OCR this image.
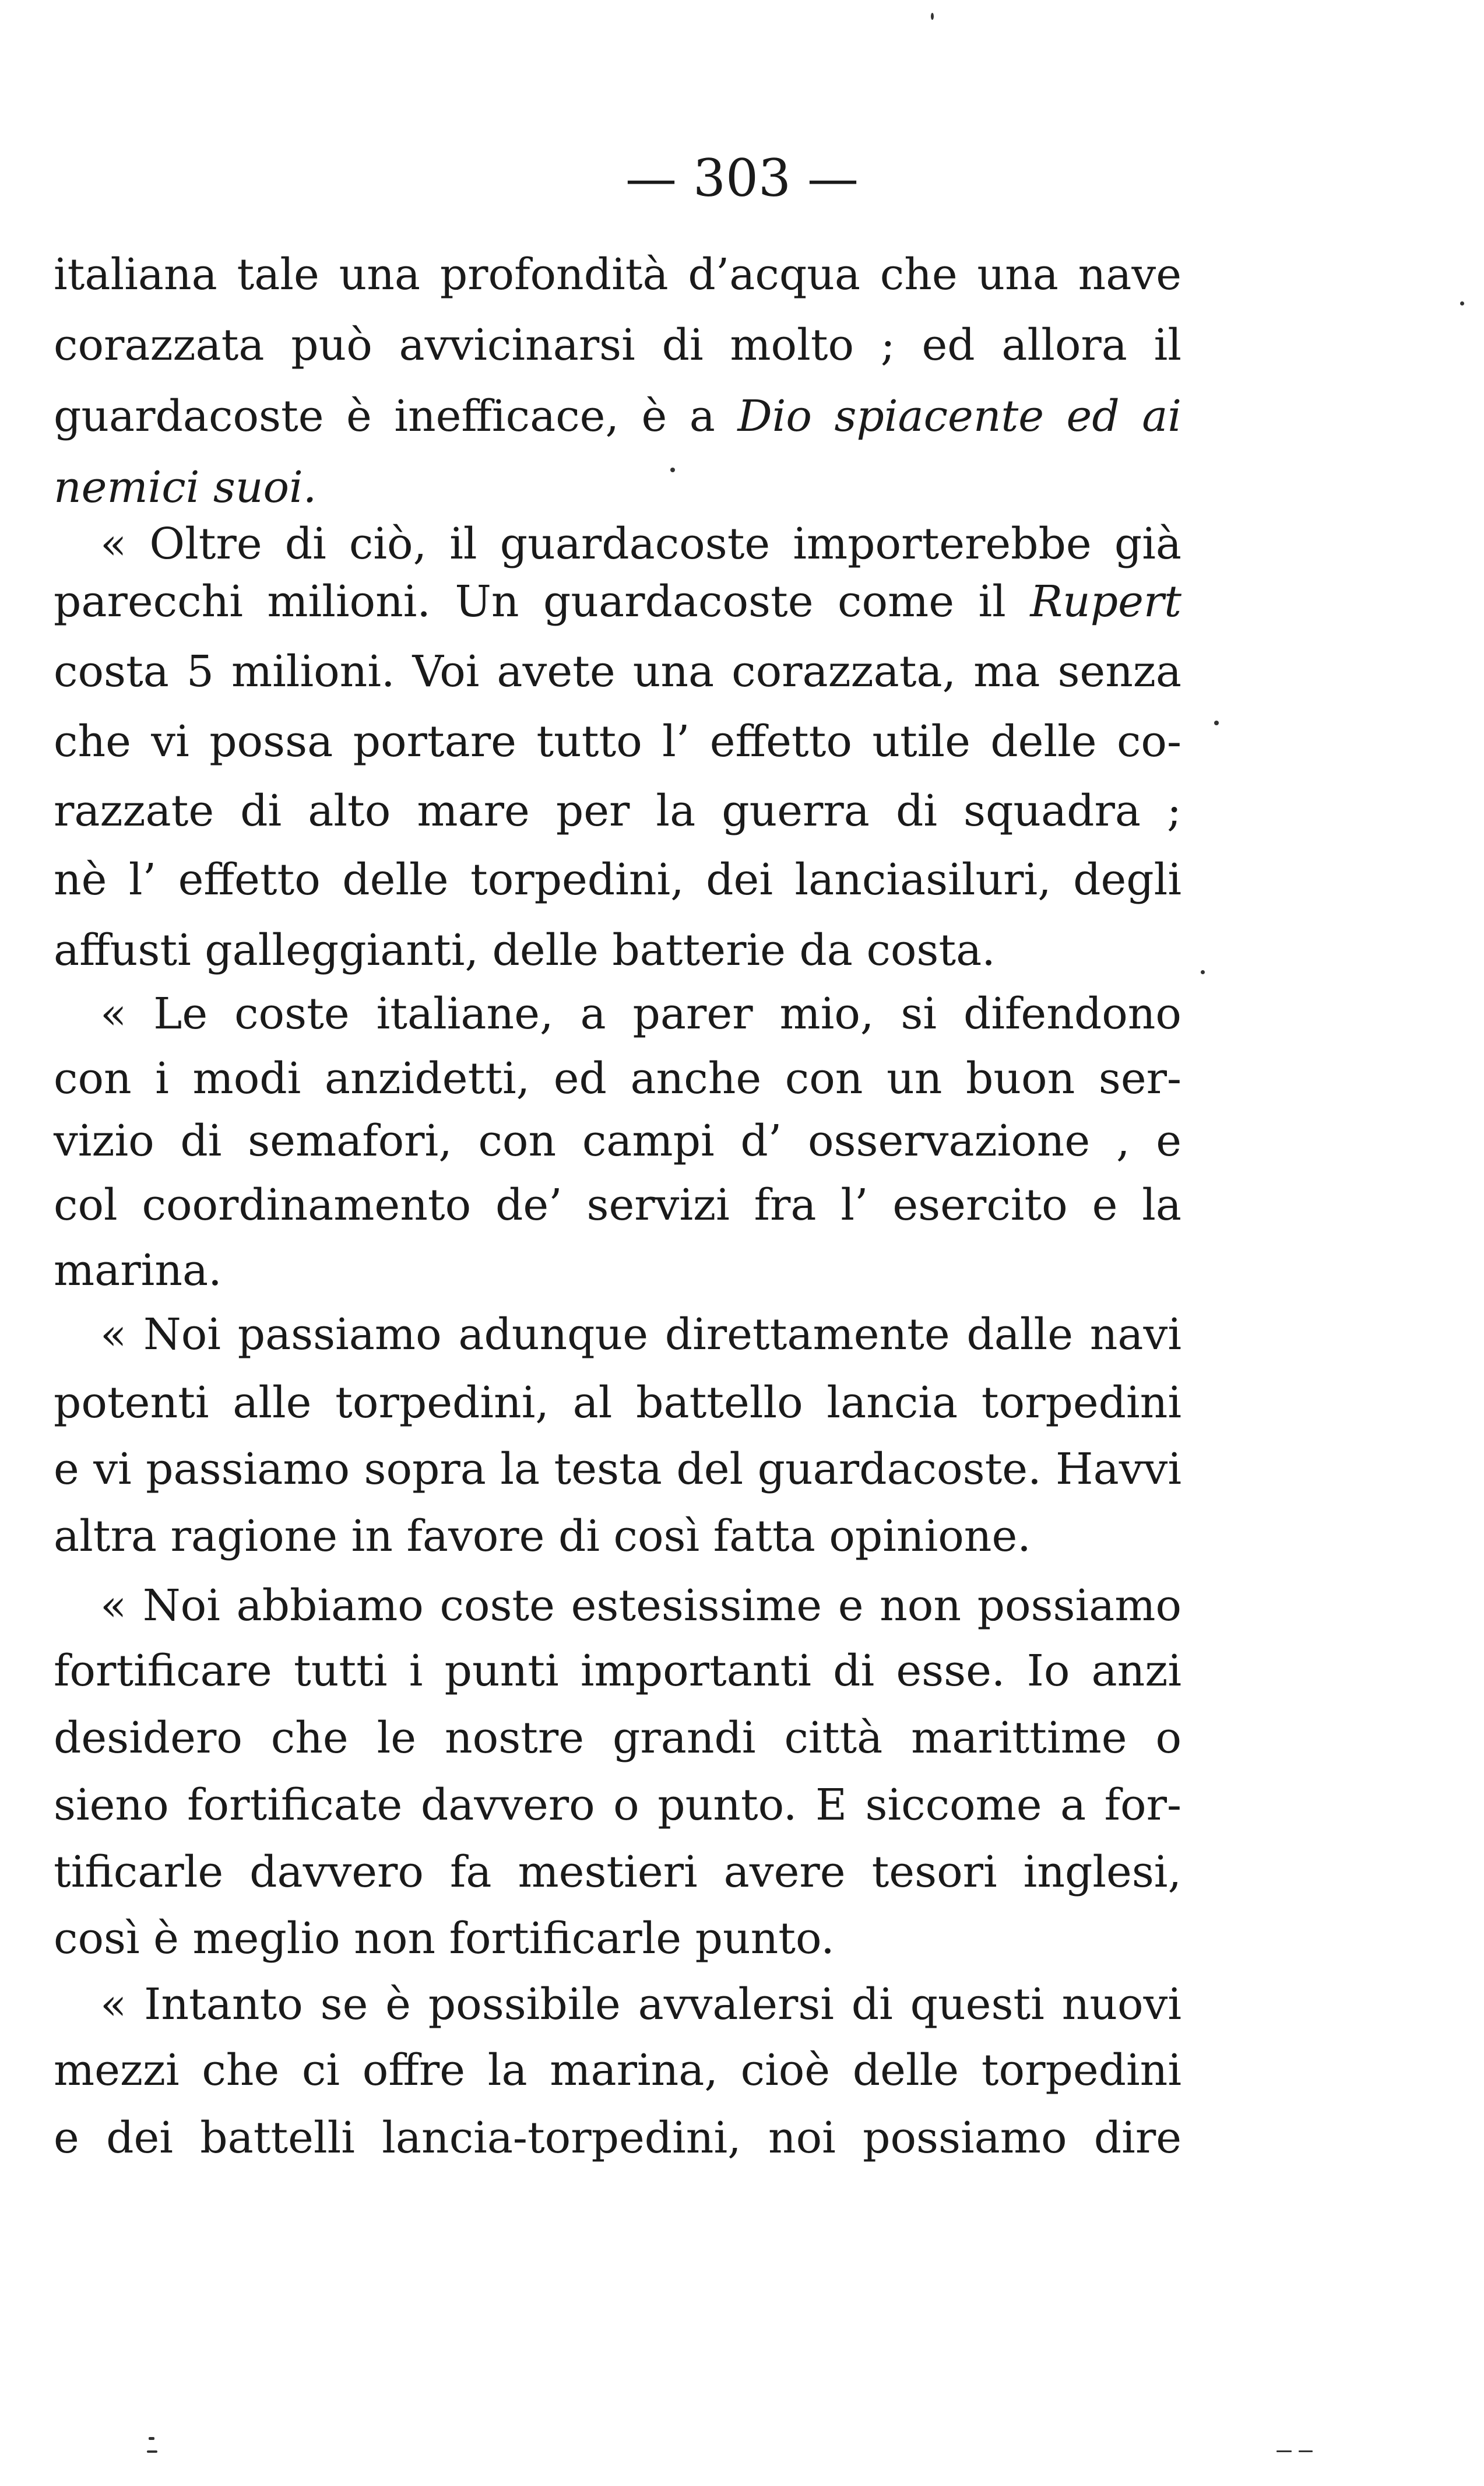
— 303 —
italiana tale una profondità d’acqua che una nave
corazzata può avvicinarsi di molto ; ed allora il
guardacoste è inefficace, è a Dio spiacente ed ai
nemici suoi.
« Oltre di ciò, il guardacoste importerebbe già
parecchi milioni. Un guardacoste come il Rupert
costa 5 milioni. Voi avete una corazzata, ma senza
che vi possa portare tutto l’ effetto utile delle co-
razzate di alto mare per la guerra di squadra ;
nè l’ effetto delle torpedini, dei lanciasiluri, degli
affusti galleggianti, delle batterie da costa.
« Le coste italiane, a parer mio, si difendono
con i modi anzidetti, ed anche con un buon ser-
vizio di semafori, con campi d’ osservazione , e
col coordinamento de’ servizi fra l’ esercito e la
marina.
« Noi passiamo adunque direttamente dalle navi
potenti alle torpedini, al battello lancia torpedini
e vi passiamo sopra la testa del guardacoste. Havvi
altra ragione in favore di così fatta opinione.
« Noi abbiamo coste estesissime e non possiamo
fortificare tutti i punti importanti di esse. Io anzi
desidero che le nostre grandi città marittime o
sieno fortificate davvero o punto. E siccome a for-
tificarle davvero fa mestieri avere tesori inglesi,
così è meglio non fortificarle punto.
« Intanto se è possibile avvalersi di questi nuovi
mezzi che ci offre la marina, cioè delle torpedini
e dei battelli lancia-torpedini, noi possiamo dire
